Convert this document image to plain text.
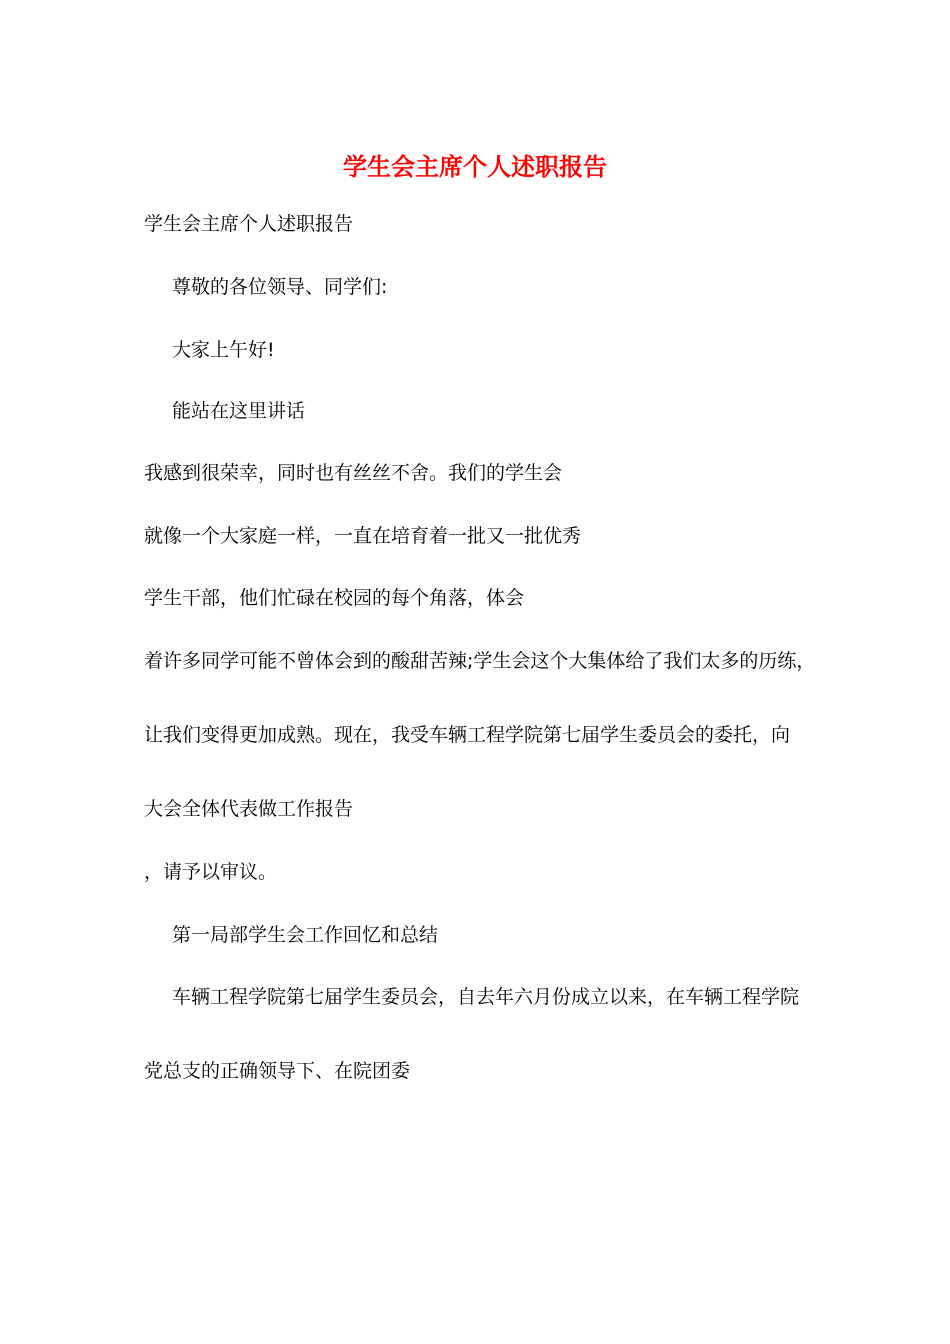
学生会主席个人述职报告

学生会主席个人述职报告

尊敬的各位领导、同学们:

大家上午好!

能站在这里讲话

我感到很荣幸，同时也有丝丝不舍。我们的学生会

就像一个大家庭一样，一直在培育着一批又一批优秀

学生干部，他们忙碌在校园的每个角落，体会

着许多同学可能不曾体会到的酸甜苦辣;学生会这个大集体给了我们太多的历练，

让我们变得更加成熟。现在，我受车辆工程学院第七届学生委员会的委托，向

大会全体代表做工作报告

，请予以审议。

第一局部学生会工作回忆和总结

车辆工程学院第七届学生委员会，自去年六月份成立以来，在车辆工程学院

党总支的正确领导下、在院团委
